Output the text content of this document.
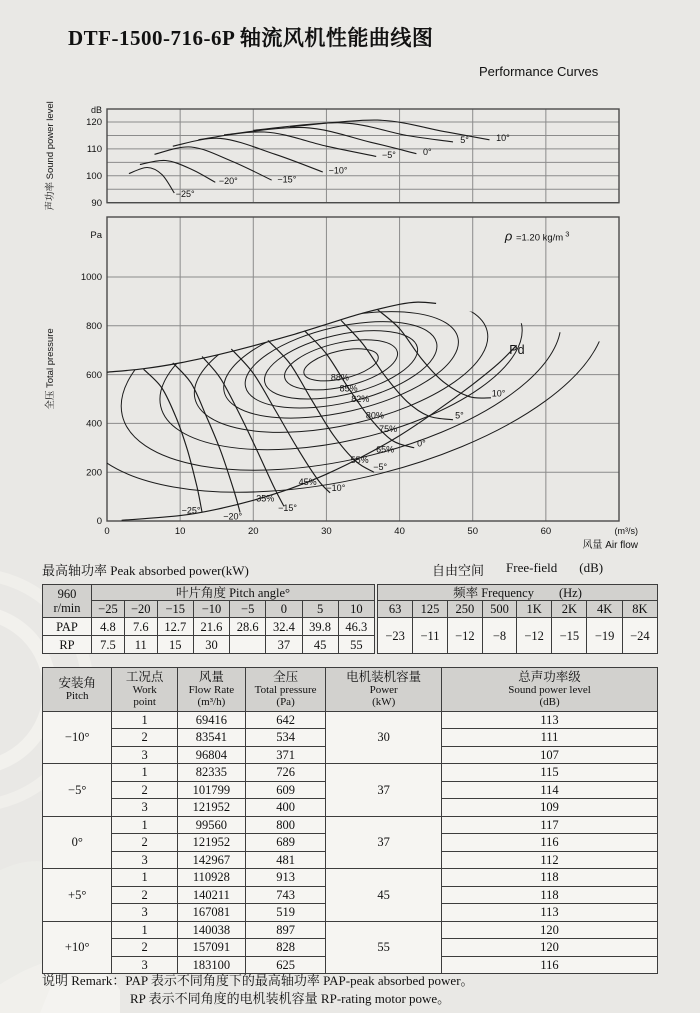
DTF-1500-716-6P 轴流风机性能曲线图
Performance Curves
120
110
100
90
dB
声功率 Sound power level	−25°
−20°	−15°
−10°
−5°	0°
5°	10°
1000
800
600
400
200
0
Pa
全压 Total pressure
0	10	20	30	40	50	60	(m³/s)
风量 Air flow
−25°
−20°
−15°
−10°
−5°
0°
5°
10°
Pd
88%
85%
82%
80%
75%
65%
55%
45%
35%
ρ =1.20 kg/m $^3$
最高轴功率 Peak absorbed power(kW)	自由空间 Free-field (dB)
960
r/min	叶片角度 Pitch angle°							
	−25	−20	−15	−10	−5	0	5	10
PAP	4.8	7.6	12.7	21.6	28.6	32.4	39.8	46.3
RP	7.5	11	15	30		37	45	55
频率 Frequency　　(Hz)							
63	125	250	500	1K	2K	4K	8K
−23	−11	−12	−8	−12	−15	−19	−24
安装角
Pitch

工况点
Work
point

风量
Flow Rate
(m³/h)

全压
Total pressure
(Pa)

电机装机容量
Power
(kW)

总声功率级
Sound power level
(dB)

−10°	1	69416	642	30	113
	2	83541	534		111
	3	96804	371		107
−5°	1	82335	726	37	115
	2	101799	609		114
	3	121952	400		109
0°	1	99560	800	37	117
	2	121952	689		116
	3	142967	481		112
+5°	1	110928	913	45	118
	2	140211	743		118
	3	167081	519		113
+10°	1	140038	897	55	120
	2	157091	828		120
	3	183100	625		116
说明 Remark：PAP 表示不同角度下的最高轴功率 PAP-peak absorbed power。
RP 表示不同角度的电机装机容量 RP-rating motor powe。
